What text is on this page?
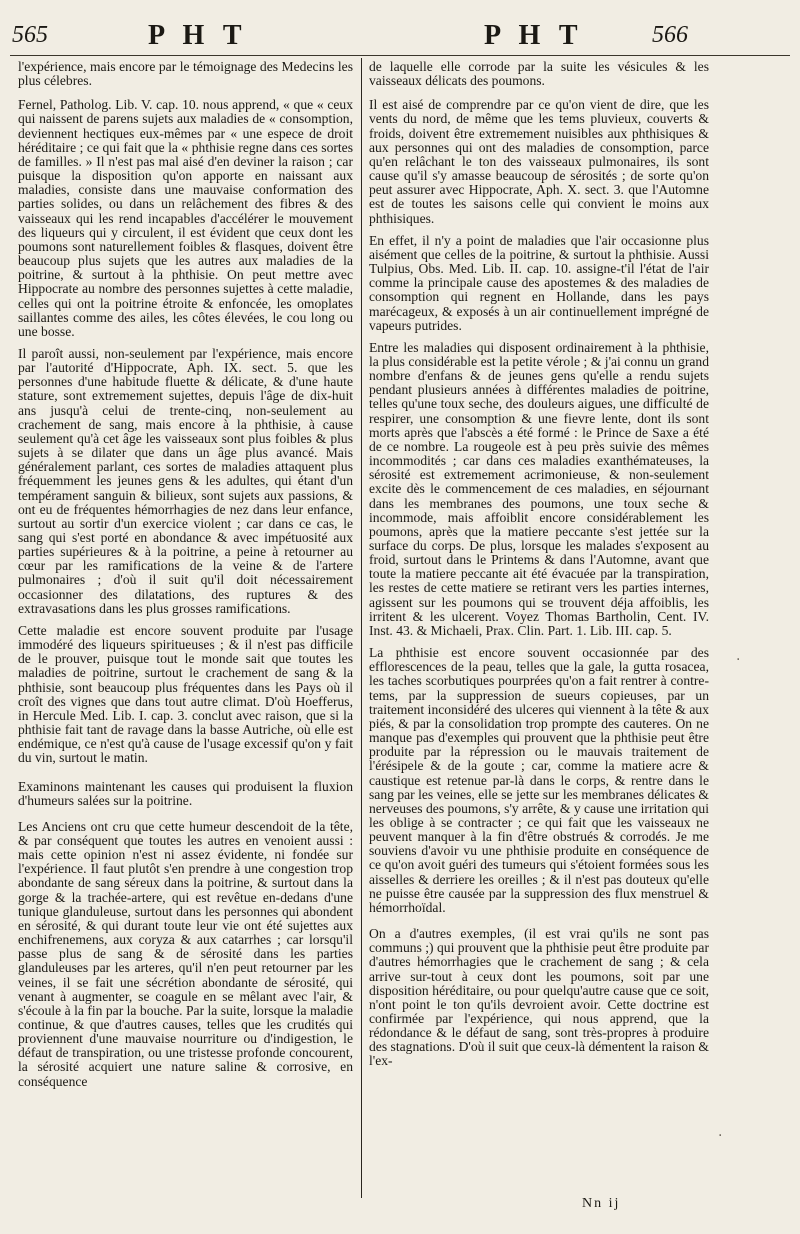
565	P H T	P H T	566

l'expérience, mais encore par le témoignage des Medecins les plus célebres.

Fernel, Patholog. Lib. V. cap. 10. nous apprend, « que « ceux qui naissent de parens sujets aux maladies de « consomption, deviennent hectiques eux-mêmes par « une espece de droit héréditaire ; ce qui fait que la « phthisie regne dans ces sortes de familles. » Il n'est pas mal aisé d'en deviner la raison ; car puisque la disposition qu'on apporte en naissant aux maladies, consiste dans une mauvaise conformation des parties solides, ou dans un relâchement des fibres & des vaisseaux qui les rend incapables d'accélérer le mouvement des liqueurs qui y circulent, il est évident que ceux dont les poumons sont naturellement foibles & flasques, doivent être beaucoup plus sujets que les autres aux maladies de la poitrine, & surtout à la phthisie. On peut mettre avec Hippocrate au nombre des personnes sujettes à cette maladie, celles qui ont la poitrine étroite & enfoncée, les omoplates saillantes comme des ailes, les côtes élevées, le cou long ou une bosse.

Il paroît aussi, non-seulement par l'expérience, mais encore par l'autorité d'Hippocrate, Aph. IX. sect. 5. que les personnes d'une habitude fluette & délicate, & d'une haute stature, sont extremement sujettes, depuis l'âge de dix-huit ans jusqu'à celui de trente-cinq, non-seulement au crachement de sang, mais encore à la phthisie, à cause seulement qu'à cet âge les vaisseaux sont plus foibles & plus sujets à se dilater que dans un âge plus avancé. Mais généralement parlant, ces sortes de maladies attaquent plus fréquemment les jeunes gens & les adultes, qui étant d'un tempérament sanguin & bilieux, sont sujets aux passions, & ont eu de fréquentes hémorrhagies de nez dans leur enfance, surtout au sortir d'un exercice violent ; car dans ce cas, le sang qui s'est porté en abondance & avec impétuosité aux parties supérieures & à la poitrine, a peine à retourner au cœur par les ramifications de la veine & de l'artere pulmonaires ; d'où il suit qu'il doit nécessairement occasionner des dilatations, des ruptures & des extravasations dans les plus grosses ramifications.

Cette maladie est encore souvent produite par l'usage immodéré des liqueurs spiritueuses ; & il n'est pas difficile de le prouver, puisque tout le monde sait que toutes les maladies de poitrine, surtout le crachement de sang & la phthisie, sont beaucoup plus fréquentes dans les Pays où il croît des vignes que dans tout autre climat. D'où Hoefferus, in Hercule Med. Lib. I. cap. 3. conclut avec raison, que si la phthisie fait tant de ravage dans la basse Autriche, où elle est endémique, ce n'est qu'à cause de l'usage excessif qu'on y fait du vin, surtout le matin.

Examinons maintenant les causes qui produisent la fluxion d'humeurs salées sur la poitrine.

Les Anciens ont cru que cette humeur descendoit de la tête, & par conséquent que toutes les autres en venoient aussi : mais cette opinion n'est ni assez évidente, ni fondée sur l'expérience. Il faut plutôt s'en prendre à une congestion trop abondante de sang séreux dans la poitrine, & surtout dans la gorge & la trachée-artere, qui est revêtue en-dedans d'une tunique glanduleuse, surtout dans les personnes qui abondent en sérosité, & qui durant toute leur vie ont été sujettes aux enchifrenemens, aux coryza & aux catarrhes ; car lorsqu'il passe plus de sang & de sérosité dans les parties glanduleuses par les arteres, qu'il n'en peut retourner par les veines, il se fait une sécrétion abondante de sérosité, qui venant à augmenter, se coagule en se mêlant avec l'air, & s'écoule à la fin par la bouche. Par la suite, lorsque la maladie continue, & que d'autres causes, telles que les crudités qui proviennent d'une mauvaise nourriture ou d'indigestion, le défaut de transpiration, ou une tristesse profonde concourent, la sérosité acquiert une nature saline & corrosive, en conséquence

de laquelle elle corrode par la suite les vésicules & les vaisseaux délicats des poumons.

Il est aisé de comprendre par ce qu'on vient de dire, que les vents du nord, de même que les tems pluvieux, couverts & froids, doivent être extremement nuisibles aux phthisiques & aux personnes qui ont des maladies de consomption, parce qu'en relâchant le ton des vaisseaux pulmonaires, ils sont cause qu'il s'y amasse beaucoup de sérosités ; de sorte qu'on peut assurer avec Hippocrate, Aph. X. sect. 3. que l'Automne est de toutes les saisons celle qui convient le moins aux phthisiques.

En effet, il n'y a point de maladies que l'air occasionne plus aisément que celles de la poitrine, & surtout la phthisie. Aussi Tulpius, Obs. Med. Lib. II. cap. 10. assigne-t'il l'état de l'air comme la principale cause des apostemes & des maladies de consomption qui regnent en Hollande, dans les pays marécageux, & exposés à un air continuellement imprégné de vapeurs putrides.

Entre les maladies qui disposent ordinairement à la phthisie, la plus considérable est la petite vérole ; & j'ai connu un grand nombre d'enfans & de jeunes gens qu'elle a rendu sujets pendant plusieurs années à différentes maladies de poitrine, telles qu'une toux seche, des douleurs aigues, une difficulté de respirer, une consomption & une fievre lente, dont ils sont morts après que l'abscès a été formé : le Prince de Saxe a été de ce nombre. La rougeole est à peu près suivie des mêmes incommodités ; car dans ces maladies exanthémateuses, la sérosité est extremement acrimonieuse, & non-seulement excite dès le commencement de ces maladies, en séjournant dans les membranes des poumons, une toux seche & incommode, mais affoiblit encore considérablement les poumons, après que la matiere peccante s'est jettée sur la surface du corps. De plus, lorsque les malades s'exposent au froid, surtout dans le Printems & dans l'Automne, avant que toute la matiere peccante ait été évacuée par la transpiration, les restes de cette matiere se retirant vers les parties internes, agissent sur les poumons qui se trouvent déja affoiblis, les irritent & les ulcerent. Voyez Thomas Bartholin, Cent. IV. Inst. 43. & Michaeli, Prax. Clin. Part. 1. Lib. III. cap. 5.

La phthisie est encore souvent occasionnée par des efflorescences de la peau, telles que la gale, la gutta rosacea, les taches scorbutiques pourprées qu'on a fait rentrer à contre-tems, par la suppression de sueurs copieuses, par un traitement inconsidéré des ulceres qui viennent à la tête & aux piés, & par la consolidation trop prompte des cauteres. On ne manque pas d'exemples qui prouvent que la phthisie peut être produite par la répression ou le mauvais traitement de l'érésipele & de la goute ; car, comme la matiere acre & caustique est retenue par-là dans le corps, & rentre dans le sang par les veines, elle se jette sur les membranes délicates & nerveuses des poumons, s'y arrête, & y cause une irritation qui les oblige à se contracter ; ce qui fait que les vaisseaux ne peuvent manquer à la fin d'être obstrués & corrodés. Je me souviens d'avoir vu une phthisie produite en conséquence de ce qu'on avoit guéri des tumeurs qui s'étoient formées sous les aisselles & derriere les oreilles ; & il n'est pas douteux qu'elle ne puisse être causée par la suppression des flux menstruel & hémorrhoïdal.

On a d'autres exemples, (il est vrai qu'ils ne sont pas communs ;) qui prouvent que la phthisie peut être produite par d'autres hémorrhagies que le crachement de sang ; & cela arrive sur-tout à ceux dont les poumons, soit par une disposition héréditaire, ou pour quelqu'autre cause que ce soit, n'ont point le ton qu'ils devroient avoir. Cette doctrine est confirmée par l'expérience, qui nous apprend, que la rédondance & le défaut de sang, sont très-propres à produire des stagnations. D'où il suit que ceux-là démentent la raison & l'ex-

Nn ij
·
·
